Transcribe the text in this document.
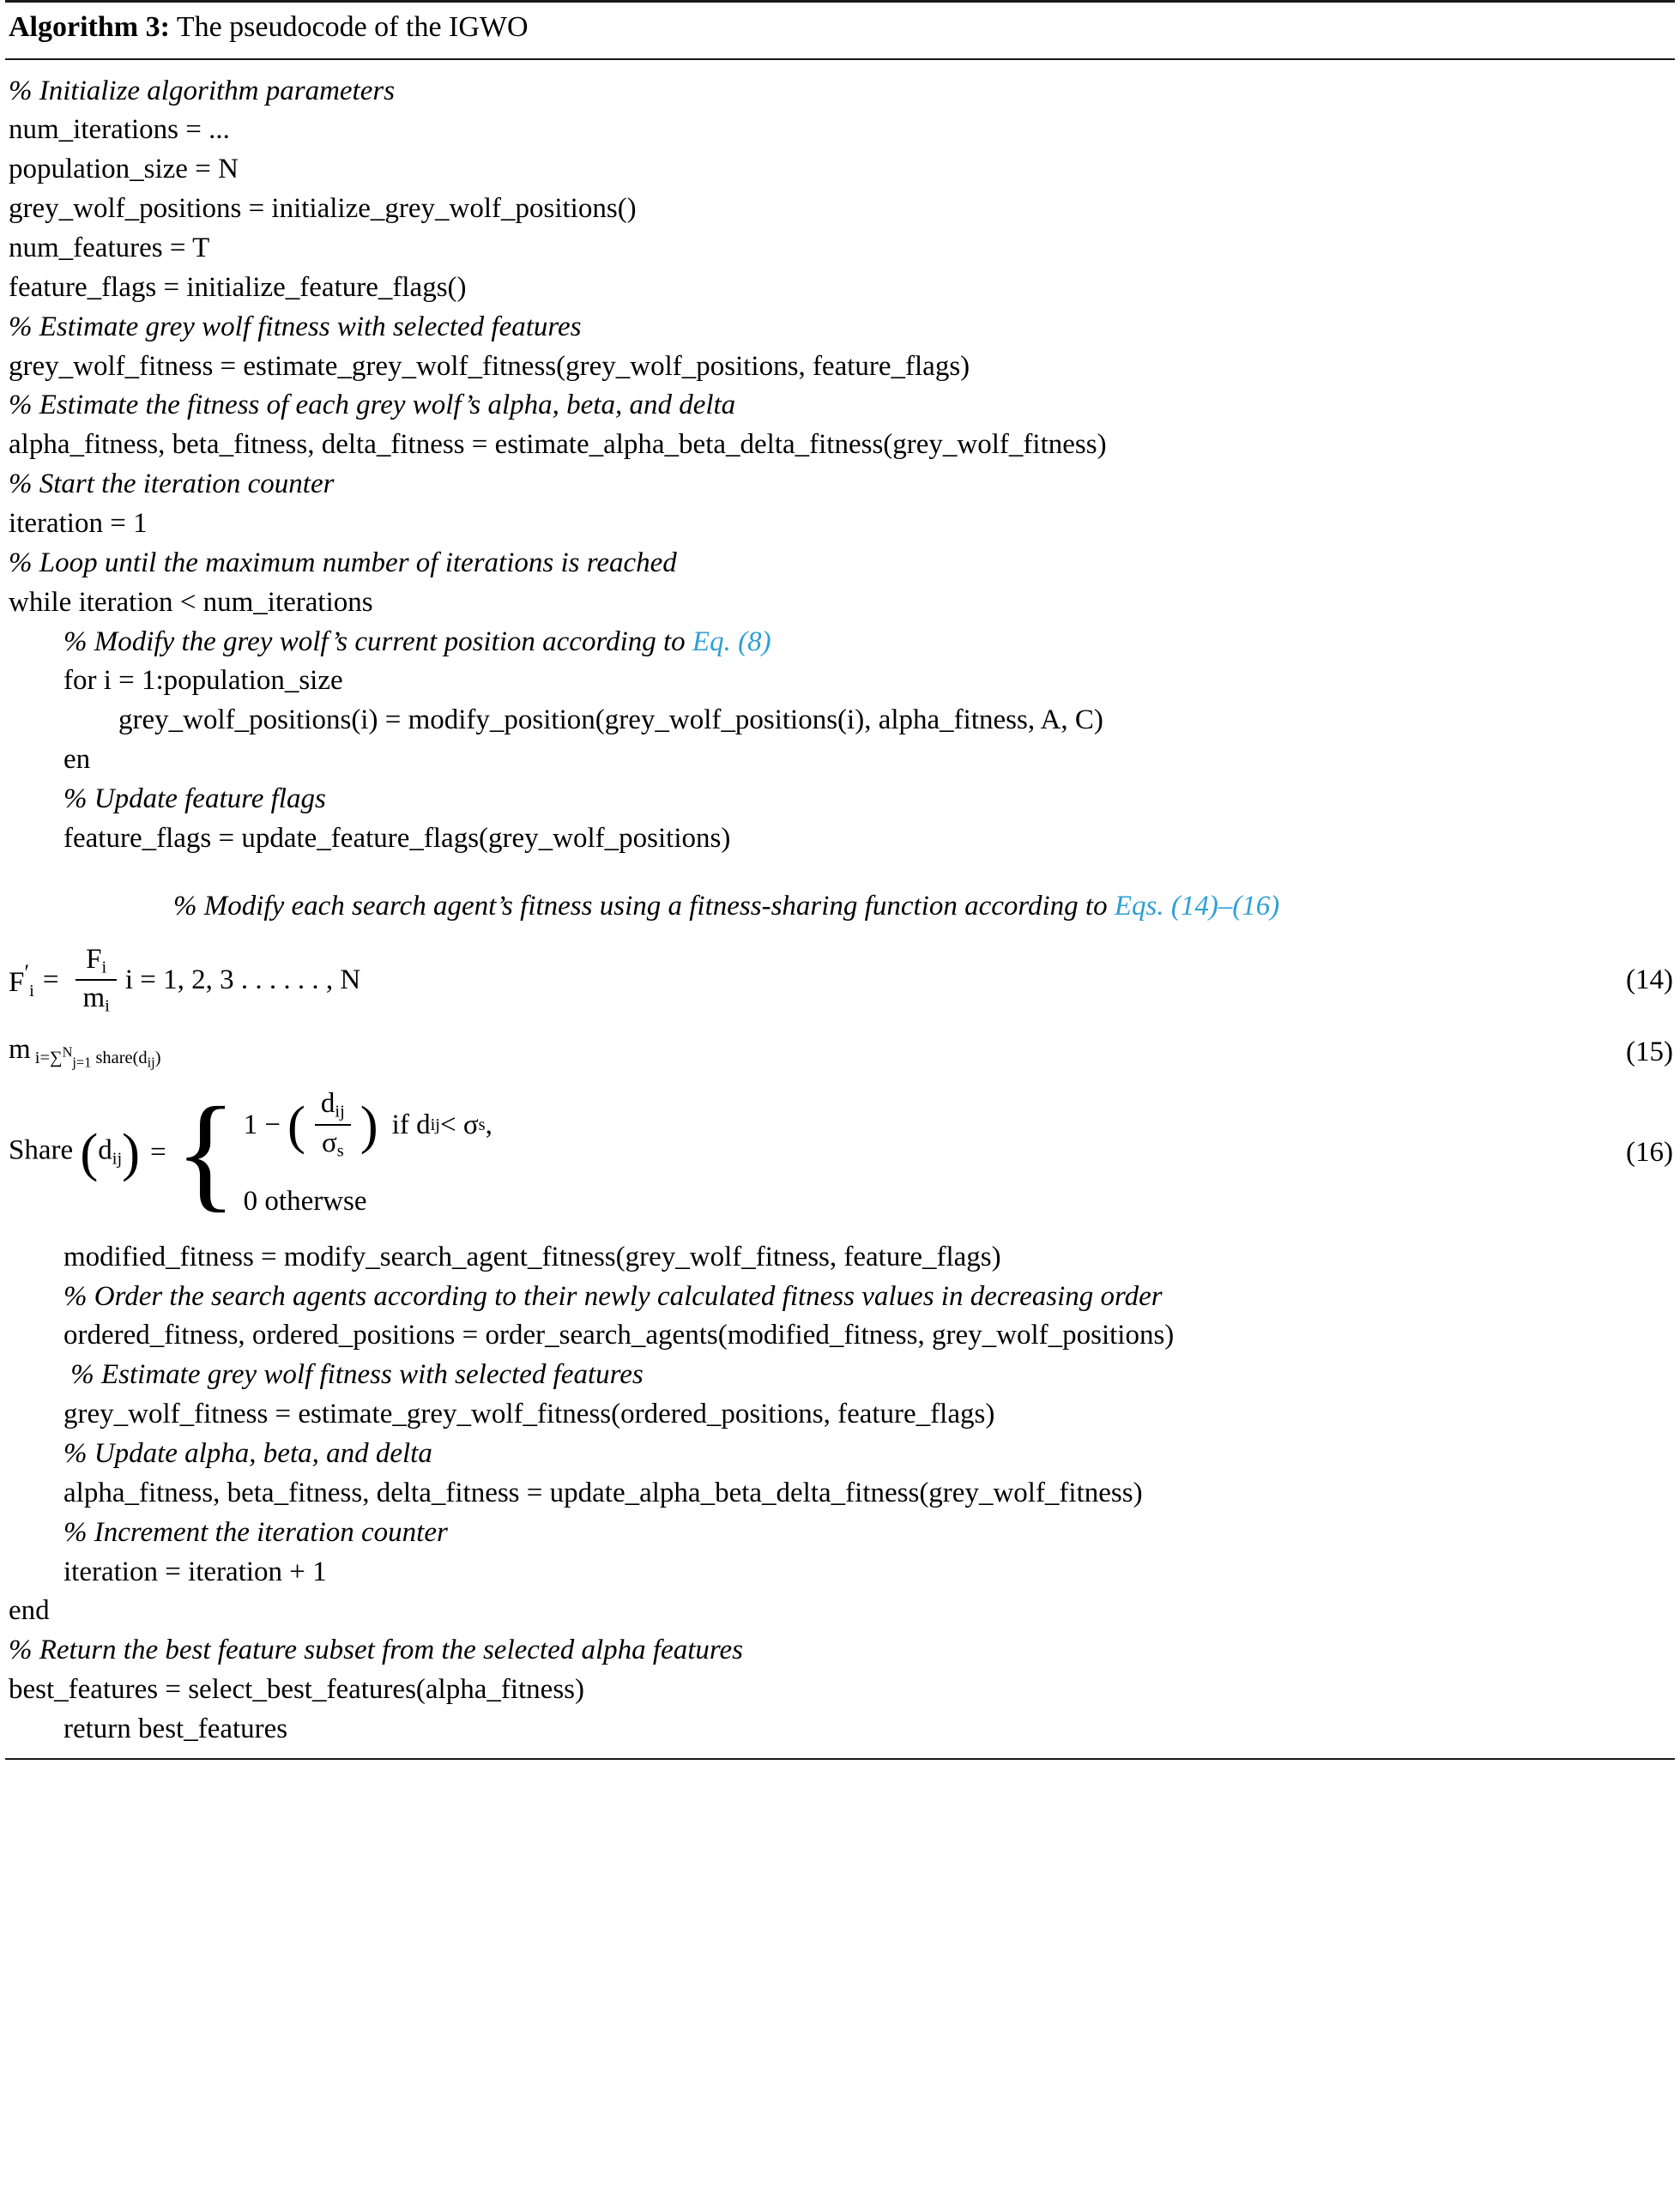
Algorithm 3: The pseudocode of the IGWO
% Initialize algorithm parameters
num_iterations = ...
population_size = N
grey_wolf_positions = initialize_grey_wolf_positions()
num_features = T
feature_flags = initialize_feature_flags()
% Estimate grey wolf fitness with selected features
grey_wolf_fitness = estimate_grey_wolf_fitness(grey_wolf_positions, feature_flags)
% Estimate the fitness of each grey wolf’s alpha, beta, and delta
alpha_fitness, beta_fitness, delta_fitness = estimate_alpha_beta_delta_fitness(grey_wolf_fitness)
% Start the iteration counter
iteration = 1
% Loop until the maximum number of iterations is reached
while iteration < num_iterations
% Modify the grey wolf’s current position according to Eq. (8)
for i = 1:population_size
grey_wolf_positions(i) = modify_position(grey_wolf_positions(i), alpha_fitness, A, C)
en
% Update feature flags
feature_flags = update_feature_flags(grey_wolf_positions)
% Modify each search agent’s fitness using a fitness-sharing function according to Eqs. (14)–(16)
$F'_i = \frac{F_i}{m_i}$ i = 1, 2, 3 . . . . . . , N	(14)
m $_{i=\sum^N_{j=1} share(d_{ij})}$	(15)
Share $(d_{ij})$ = { 1 − ( $\frac{d_{ij}}{\sigma_s}$ ) if d ij < σ s ,
0 otherwse
(16)
modified_fitness = modify_search_agent_fitness(grey_wolf_fitness, feature_flags)
% Order the search agents according to their newly calculated fitness values in decreasing order
ordered_fitness, ordered_positions = order_search_agents(modified_fitness, grey_wolf_positions)
% Estimate grey wolf fitness with selected features
grey_wolf_fitness = estimate_grey_wolf_fitness(ordered_positions, feature_flags)
% Update alpha, beta, and delta
alpha_fitness, beta_fitness, delta_fitness = update_alpha_beta_delta_fitness(grey_wolf_fitness)
% Increment the iteration counter
iteration = iteration + 1
end
% Return the best feature subset from the selected alpha features
best_features = select_best_features(alpha_fitness)
return best_features
